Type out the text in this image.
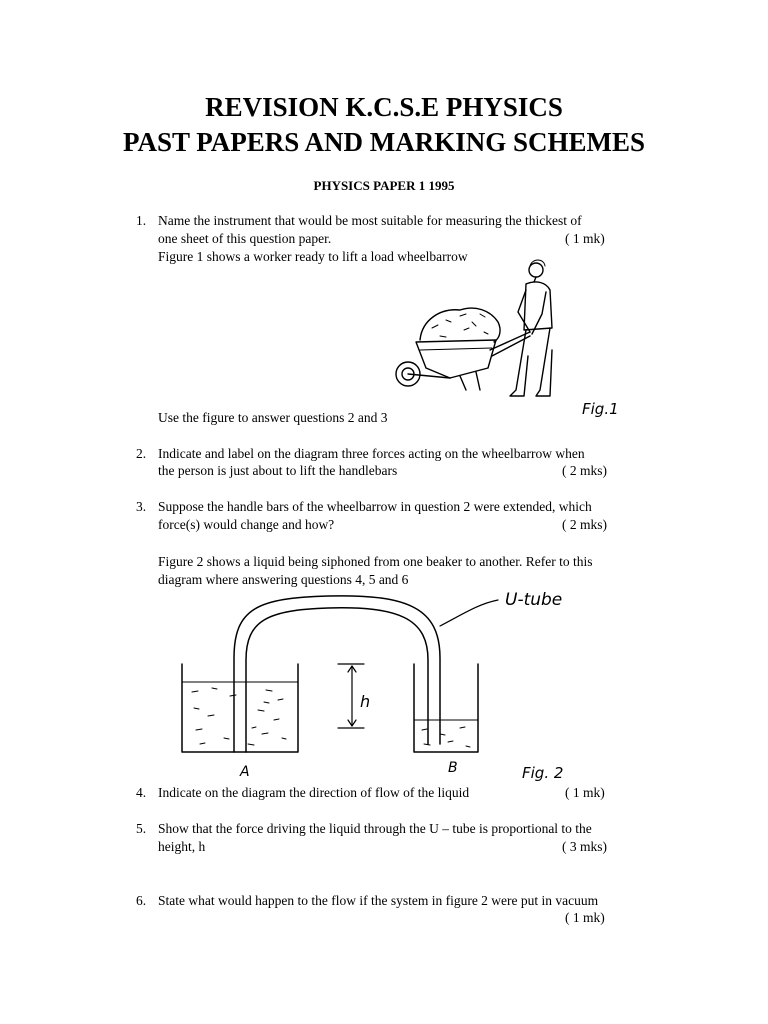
REVISION K.C.S.E PHYSICS
PAST PAPERS AND MARKING SCHEMES
PHYSICS PAPER 1 1995
1. Name the instrument that would be most suitable for measuring the thickest of
one sheet of this question paper.	( 1 mk)
Figure 1 shows a worker ready to lift a load wheelbarrow
Fig.1
Use the figure to answer questions 2 and 3
2. Indicate and label on the diagram three forces acting on the wheelbarrow when
the person is just about to lift the handlebars	( 2 mks)
3. Suppose the handle bars of the wheelbarrow in question 2 were extended, which
force(s) would change and how?	( 2 mks)
Figure 2 shows a liquid being siphoned from one beaker to another. Refer to this
diagram where answering questions 4, 5 and 6
U-tube
h
A	B	Fig. 2
4. Indicate on the diagram the direction of flow of the liquid	( 1 mk)
5. Show that the force driving the liquid through the U – tube is proportional to the
height, h	( 3 mks)
6. State what would happen to the flow if the system in figure 2 were put in vacuum
( 1 mk)
